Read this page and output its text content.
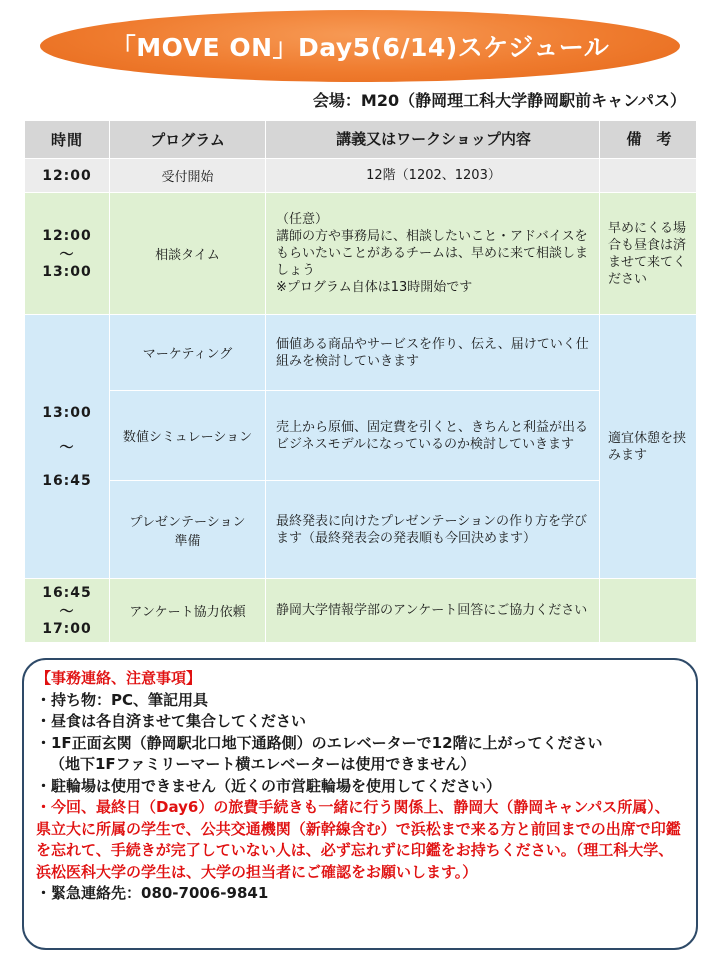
「MOVE ON」Day5(6/14)スケジュール
会場：M20（静岡理工科大学静岡駅前キャンパス）
時間	プログラム	講義又はワークショップ内容	備　考
12:00	受付開始	12階（1202、1203）	
12:00
～
13:00	相談タイム	（任意）
講師の方や事務局に、相談したいこと・アドバイスをもらいたいことがあるチームは、早めに来て相談しましょう
※プログラム自体は13時開始です	早めにくる場合も昼食は済ませて来てください
13:00

～

16:45	マーケティング	価値ある商品やサービスを作り、伝え、届けていく仕組みを検討していきます	適宜休憩を挟みます
	数値シミュレーション	売上から原価、固定費を引くと、きちんと利益が出るビジネスモデルになっているのか検討していきます	
	プレゼンテーション
準備	最終発表に向けたプレゼンテーションの作り方を学びます（最終発表会の発表順も今回決めます）	
16:45
～
17:00	アンケート協力依頼	静岡大学情報学部のアンケート回答にご協力ください	
【事務連絡、注意事項】
・持ち物：PC、筆記用具
・昼食は各自済ませて集合してください
・1F正面玄関（静岡駅北口地下通路側）のエレベーターで12階に上がってください
（地下1Fファミリーマート横エレベーターは使用できません）
・駐輪場は使用できません（近くの市営駐輪場を使用してください）
・今回、最終日（Day6）の旅費手続きも一緒に行う関係上、静岡大（静岡キャンパス所属）、県立大に所属の学生で、公共交通機関（新幹線含む）で浜松まで来る方と前回までの出席で印鑑を忘れて、手続きが完了していない人は、必ず忘れずに印鑑をお持ちください。（理工科大学、浜松医科大学の学生は、大学の担当者にご確認をお願いします。）
・緊急連絡先：080-7006-9841
